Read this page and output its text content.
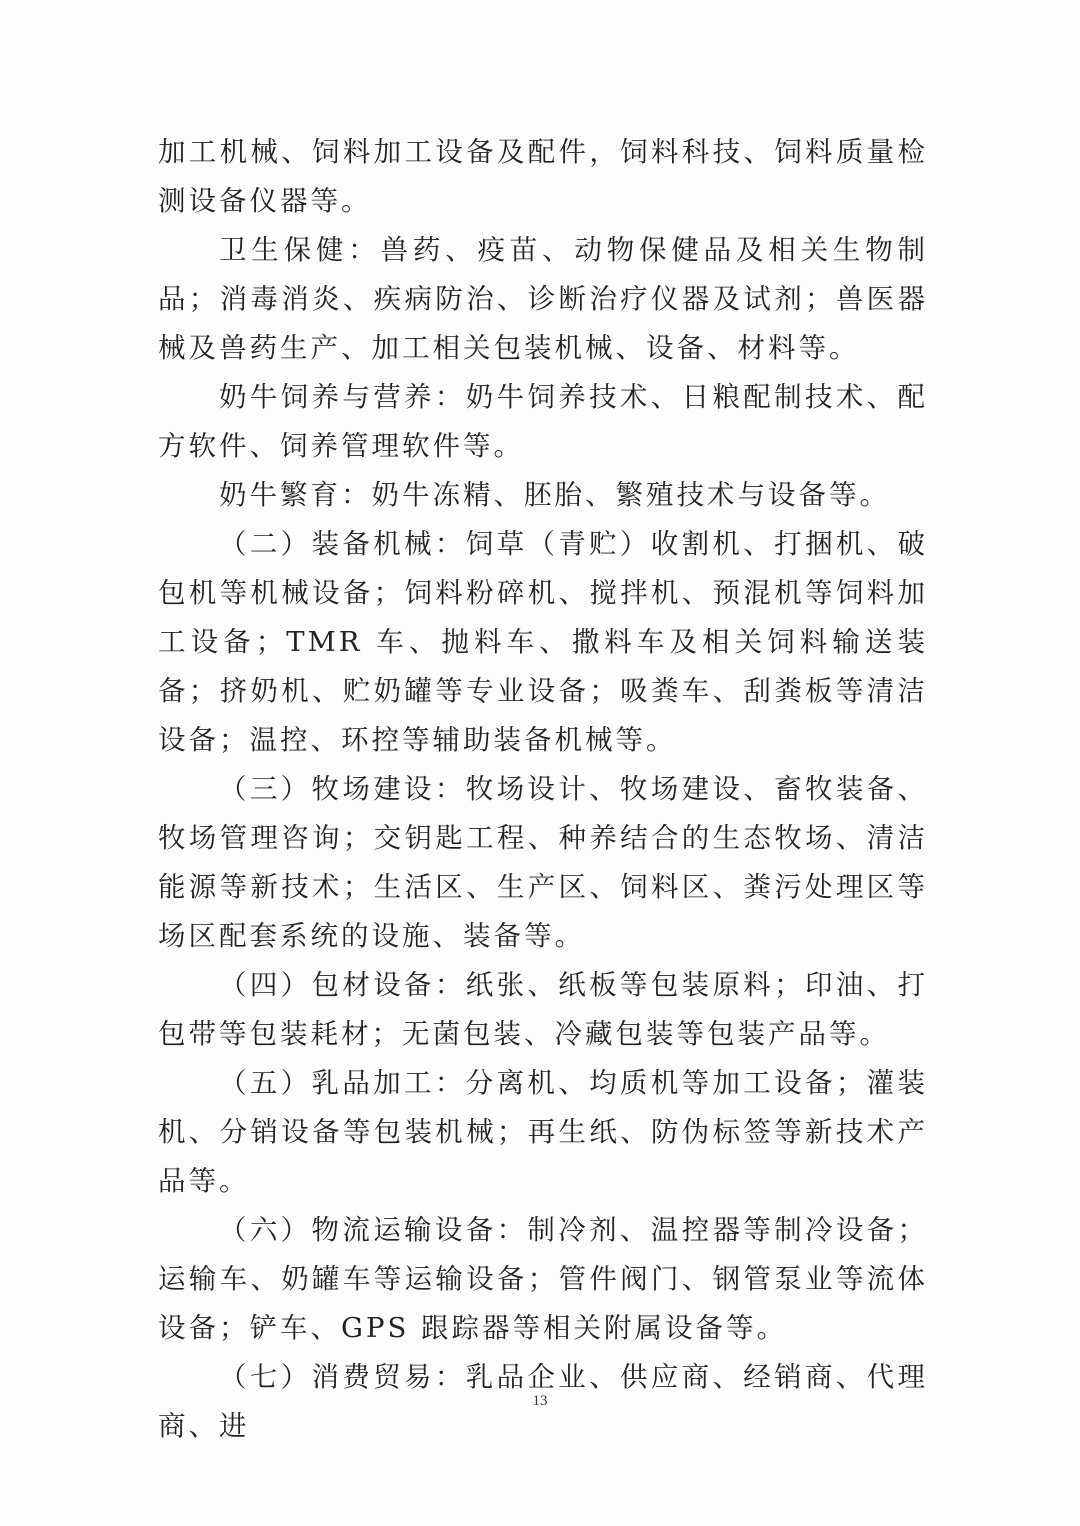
加工机械、饲料加工设备及配件，饲料科技、饲料质量检测设备仪器等。

卫生保健：兽药、疫苗、动物保健品及相关生物制品；消毒消炎、疾病防治、诊断治疗仪器及试剂；兽医器械及兽药生产、加工相关包装机械、设备、材料等。

奶牛饲养与营养：奶牛饲养技术、日粮配制技术、配方软件、饲养管理软件等。

奶牛繁育：奶牛冻精、胚胎、繁殖技术与设备等。

（二）装备机械：饲草（青贮）收割机、打捆机、破包机等机械设备；饲料粉碎机、搅拌机、预混机等饲料加工设备；TMR 车、抛料车、撒料车及相关饲料输送装备；挤奶机、贮奶罐等专业设备；吸粪车、刮粪板等清洁设备；温控、环控等辅助装备机械等。

（三）牧场建设：牧场设计、牧场建设、畜牧装备、牧场管理咨询；交钥匙工程、种养结合的生态牧场、清洁能源等新技术；生活区、生产区、饲料区、粪污处理区等场区配套系统的设施、装备等。

（四）包材设备：纸张、纸板等包装原料；印油、打包带等包装耗材；无菌包装、冷藏包装等包装产品等。

（五）乳品加工：分离机、均质机等加工设备；灌装机、分销设备等包装机械；再生纸、防伪标签等新技术产品等。

（六）物流运输设备：制冷剂、温控器等制冷设备；运输车、奶罐车等运输设备；管件阀门、钢管泵业等流体设备；铲车、GPS 跟踪器等相关附属设备等。

（七）消费贸易：乳品企业、供应商、经销商、代理商、进

13
